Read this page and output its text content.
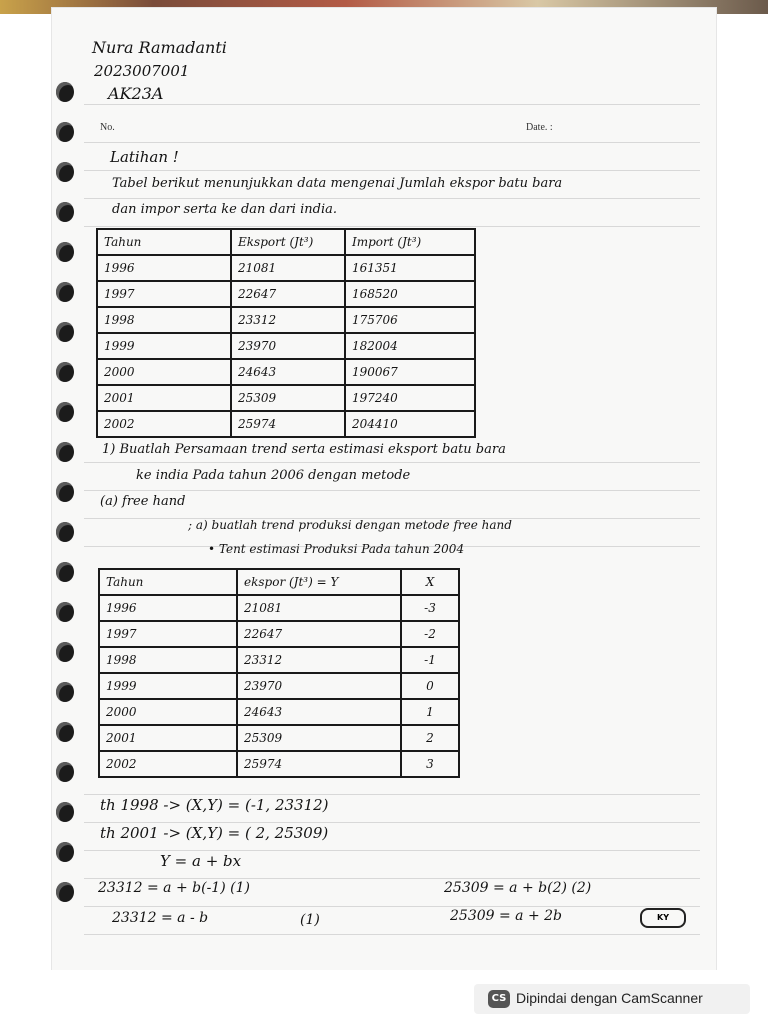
Nura Ramadanti
2023007001
AK23A
No.	Date. :
Latihan !
Tabel berikut menunjukkan data mengenai Jumlah ekspor batu bara
dan impor serta ke dan dari india.
Tahun	Eksport (Jt³)	Import (Jt³)
1996	21081	161351
1997	22647	168520
1998	23312	175706
1999	23970	182004
2000	24643	190067
2001	25309	197240
2002	25974	204410
1) Buatlah Persamaan trend serta estimasi eksport batu bara
ke india Pada tahun 2006 dengan metode
(a) free hand
; a) buatlah trend produksi dengan metode free hand
• Tent estimasi Produksi Pada tahun 2004
Tahun	ekspor (Jt³) = Y	X
1996	21081	-3
1997	22647	-2
1998	23312	-1
1999	23970	0
2000	24643	1
2001	25309	2
2002	25974	3
th 1998 -> (X,Y) = (-1, 23312)
th 2001 -> (X,Y) = ( 2, 25309)
Y = a + bx
23312 = a + b(-1) (1)	25309 = a + b(2) (2)
23312 = a - b	(1)	25309 = a + 2b	KY
CS Dipindai dengan CamScanner
